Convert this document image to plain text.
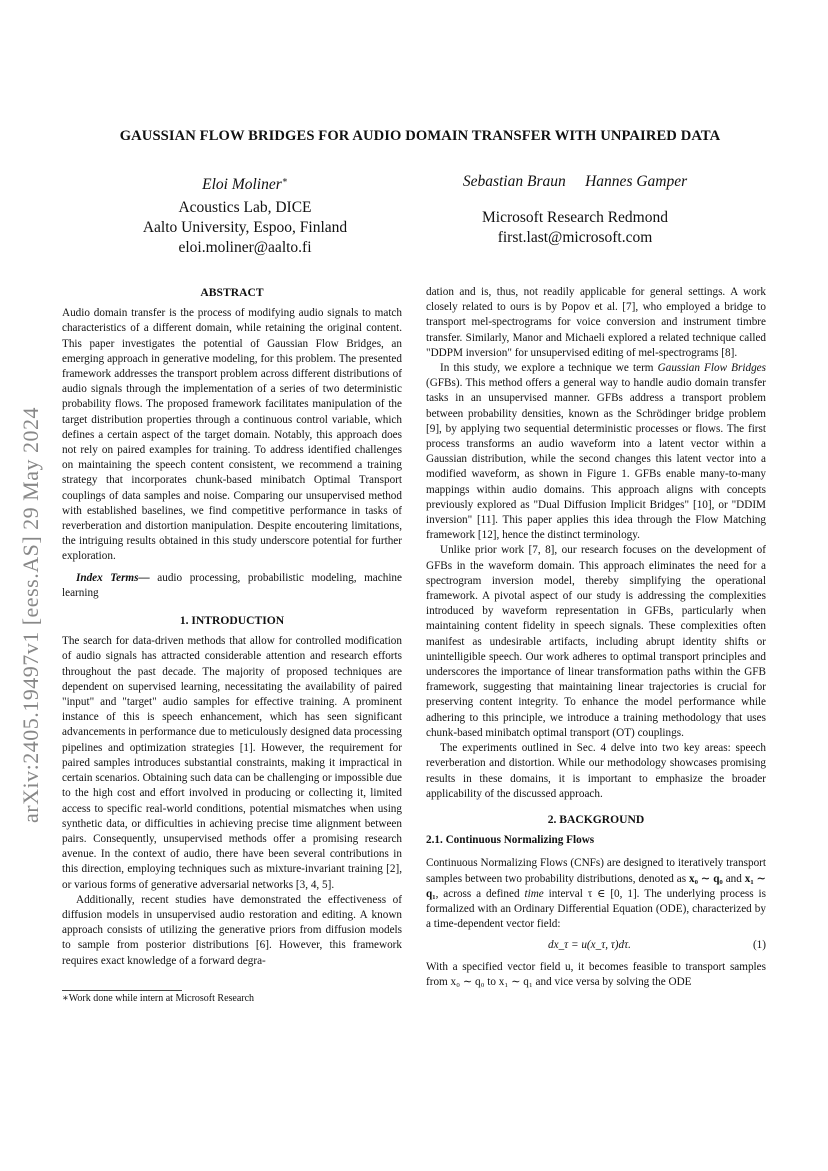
arXiv:2405.19497v1 [eess.AS] 29 May 2024
GAUSSIAN FLOW BRIDGES FOR AUDIO DOMAIN TRANSFER WITH UNPAIRED DATA
Eloi Moliner∗
Acoustics Lab, DICE
Aalto University, Espoo, Finland
eloi.moliner@aalto.fi
Sebastian Braun     Hannes Gamper
Microsoft Research Redmond
first.last@microsoft.com
ABSTRACT

Audio domain transfer is the process of modifying audio signals to match characteristics of a different domain, while retaining the original content. This paper investigates the potential of Gaussian Flow Bridges, an emerging approach in generative modeling, for this problem. The presented framework addresses the transport problem across different distributions of audio signals through the implementation of a series of two deterministic probability flows. The proposed framework facilitates manipulation of the target distribution properties through a continuous control variable, which defines a certain aspect of the target domain. Notably, this approach does not rely on paired examples for training. To address identified challenges on maintaining the speech content consistent, we recommend a training strategy that incorporates chunk-based minibatch Optimal Transport couplings of data samples and noise. Comparing our unsupervised method with established baselines, we find competitive performance in tasks of reverberation and distortion manipulation. Despite encoutering limitations, the intriguing results obtained in this study underscore potential for further exploration.

Index Terms— audio processing, probabilistic modeling, machine learning

1. INTRODUCTION

The search for data-driven methods that allow for controlled modification of audio signals has attracted considerable attention and research efforts throughout the past decade. The majority of proposed techniques are dependent on supervised learning, necessitating the availability of paired "input" and "target" audio samples for effective training. A prominent instance of this is speech enhancement, which has seen significant advancements in performance due to meticulously designed data processing pipelines and optimization strategies [1]. However, the requirement for paired samples introduces substantial constraints, making it impractical in certain scenarios. Obtaining such data can be challenging or impossible due to the high cost and effort involved in producing or collecting it, limited access to specific real-world conditions, potential mismatches when using synthetic data, or difficulties in achieving precise time alignment between pairs. Consequently, unsupervised methods offer a promising research avenue. In the context of audio, there have been several contributions in this direction, employing techniques such as mixture-invariant training [2], or various forms of generative adversarial networks [3, 4, 5].

Additionally, recent studies have demonstrated the effectiveness of diffusion models in unsupervised audio restoration and editing. A known approach consists of utilizing the generative priors from diffusion models to sample from posterior distributions [6]. However, this framework requires exact knowledge of a forward degra-

∗Work done while intern at Microsoft Research

dation and is, thus, not readily applicable for general settings. A work closely related to ours is by Popov et al. [7], who employed a bridge to transport mel-spectrograms for voice conversion and instrument timbre transfer. Similarly, Manor and Michaeli explored a related technique called "DDPM inversion" for unsupervised editing of mel-spectrograms [8].

In this study, we explore a technique we term Gaussian Flow Bridges (GFBs). This method offers a general way to handle audio domain transfer tasks in an unsupervised manner. GFBs address a transport problem between probability densities, known as the Schrödinger bridge problem [9], by applying two sequential deterministic processes or flows. The first process transforms an audio waveform into a latent vector within a Gaussian distribution, while the second changes this latent vector into a modified waveform, as shown in Figure 1. GFBs enable many-to-many mappings within audio domains. This approach aligns with concepts previously explored as "Dual Diffusion Implicit Bridges" [10], or "DDIM inversion" [11]. This paper applies this idea through the Flow Matching framework [12], hence the distinct terminology.

Unlike prior work [7, 8], our research focuses on the development of GFBs in the waveform domain. This approach eliminates the need for a spectrogram inversion model, thereby simplifying the operational framework. A pivotal aspect of our study is addressing the complexities introduced by waveform representation in GFBs, particularly when maintaining content fidelity in speech signals. These complexities often manifest as undesirable artifacts, including abrupt identity shifts or unintelligible speech. Our work adheres to optimal transport principles and underscores the importance of linear transformation paths within the GFB framework, suggesting that maintaining linear trajectories is crucial for preserving content integrity. To enhance the model performance while adhering to this principle, we introduce a training methodology that uses chunk-based minibatch optimal transport (OT) couplings.

The experiments outlined in Sec. 4 delve into two key areas: speech reverberation and distortion. While our methodology showcases promising results in these domains, it is important to emphasize the broader applicability of the discussed approach.

2. BACKGROUND
2.1. Continuous Normalizing Flows

Continuous Normalizing Flows (CNFs) are designed to iteratively transport samples between two probability distributions, denoted as x₀ ∼ q₀ and x₁ ∼ q₁, across a defined time interval τ ∈ [0, 1]. The underlying process is formalized with an Ordinary Differential Equation (ODE), characterized by a time-dependent vector field:

dx_τ = u(x_τ, τ)dτ.	(1)

With a specified vector field u, it becomes feasible to transport samples from x₀ ∼ q₀ to x₁ ∼ q₁ and vice versa by solving the ODE
